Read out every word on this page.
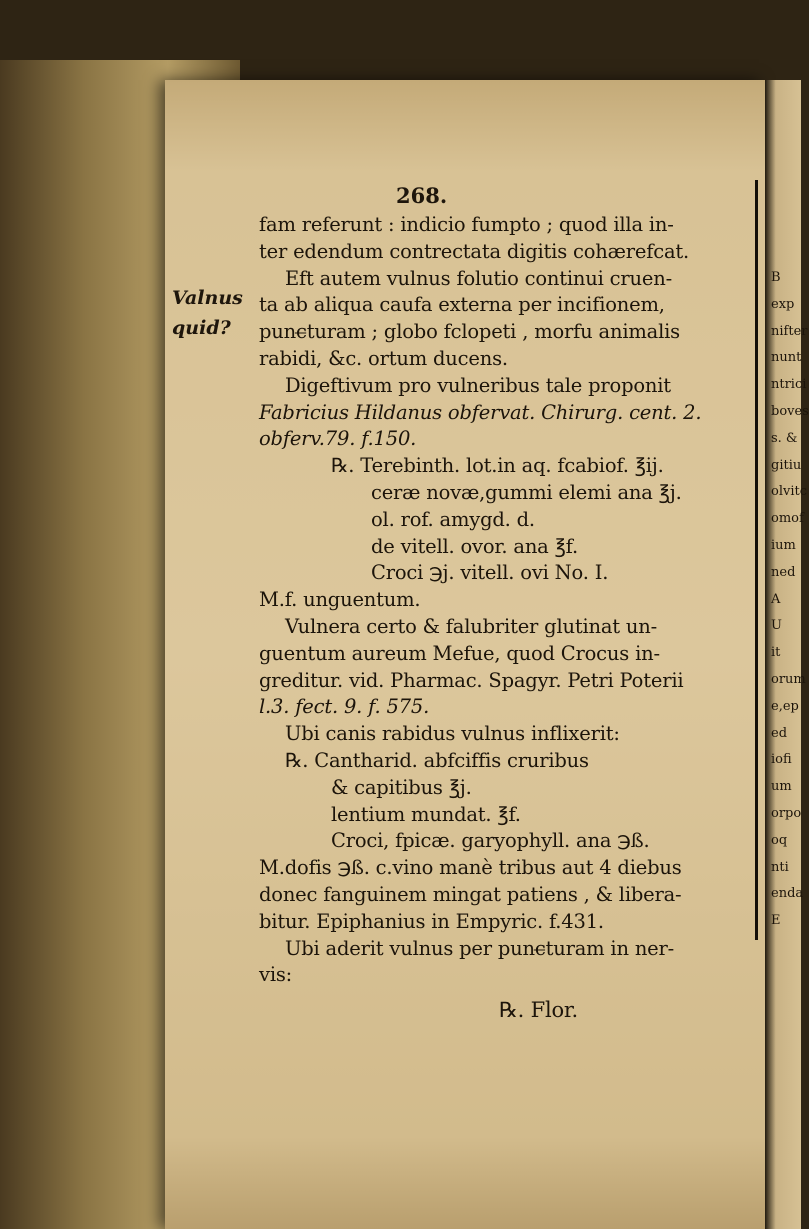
Valnus
quid?
268.
fam referunt : indicio fumpto ; quod illa in-
ter edendum contrectata digitis cohærefcat.
Eft autem vulnus folutio continui cruen-
ta ab aliqua caufa externa per incifionem,
punc̶turam ; globo fclopeti , morfu animalis
rabidi, &c. ortum ducens.
Digeftivum pro vulneribus tale proponit
Fabricius Hildanus obfervat. Chirurg. cent. 2.
obferv.79. f.150.
℞. Terebinth. lot.in aq. fcabiof. ℥ij.
ceræ novæ,gummi elemi ana ℥j.
ol. rof. amygd. d.
de vitell. ovor. ana ℥f.
Croci ℈j. vitell. ovi No. I.
M.f. unguentum.
Vulnera certo & falubriter glutinat un-
guentum aureum Mefue, quod Crocus in-
greditur. vid. Pharmac. Spagyr. Petri Poterii
l.3. fect. 9. f. 575.
Ubi canis rabidus vulnus inflixerit:
℞. Cantharid. abfciffis cruribus
& capitibus ℥j.
lentium mundat. ℥f.
Croci, fpicæ. garyophyll. ana ℈ß.
M.dofis ℈ß. c.vino manè tribus aut 4 diebus
donec fanguinem mingat patiens , & libera-
bitur. Epiphanius in Empyric. f.431.
Ubi aderit vulnus per punc̶turam in ner-
vis:
℞. Flor.
B
exp
nifter
nunt
ntrici
boves
s. &
gitiu
olvitc
omof
ium
ned
A
U
it
orum
e,ep
ed
iofi
um
orpo
oq
nti
enda
E
